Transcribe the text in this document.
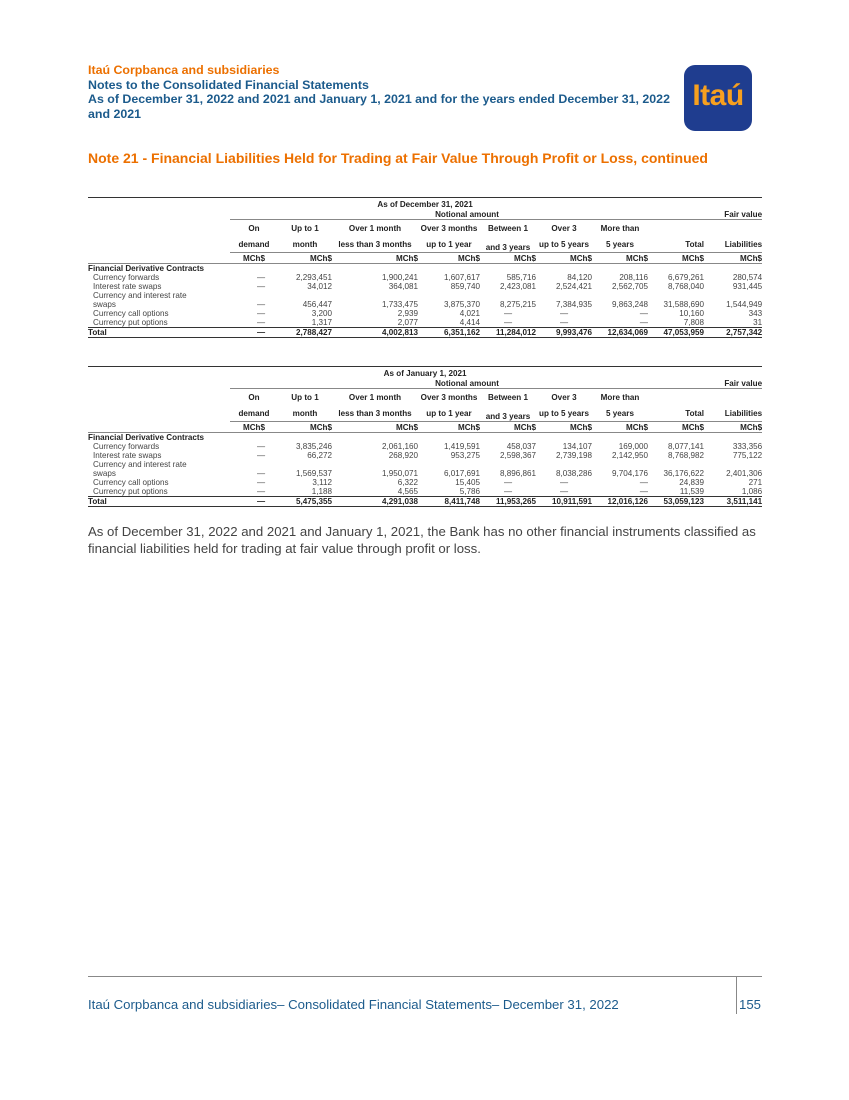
Itaú Corpbanca and subsidiaries
Notes to the Consolidated Financial Statements
As of December 31, 2022 and 2021 and January 1, 2021 and for the years ended December 31, 2022 and 2021
Itaú
Note 21 - Financial Liabilities Held for Trading at Fair Value Through Profit or Loss, continued
As of December 31, 2021									
	Notional amount								Fair value
	On	Up to 1	Over 1 month	Over 3 months	Between 1	Over 3	More than		
	demand	month	less than 3 months	up to 1 year	and 3 years	up to 5 years	5 years	Total	Liabilities
	MCh$	MCh$	MCh$	MCh$	MCh$	MCh$	MCh$	MCh$	MCh$
Financial Derivative Contracts									
Currency forwards	—	2,293,451	1,900,241	1,607,617	585,716	84,120	208,116	6,679,261	280,574
Interest rate swaps	—	34,012	364,081	859,740	2,423,081	2,524,421	2,562,705	8,768,040	931,445
Currency and interest rate									
swaps	—	456,447	1,733,475	3,875,370	8,275,215	7,384,935	9,863,248	31,588,690	1,544,949
Currency call options	—	3,200	2,939	4,021	—	—	—	10,160	343
Currency put options	—	1,317	2,077	4,414	—	—	—	7,808	31
Total	—	2,788,427	4,002,813	6,351,162	11,284,012	9,993,476	12,634,069	47,053,959	2,757,342
As of January 1, 2021									
	Notional amount								Fair value
	On	Up to 1	Over 1 month	Over 3 months	Between 1	Over 3	More than		
	demand	month	less than 3 months	up to 1 year	and 3 years	up to 5 years	5 years	Total	Liabilities
	MCh$	MCh$	MCh$	MCh$	MCh$	MCh$	MCh$	MCh$	MCh$
Financial Derivative Contracts									
Currency forwards	—	3,835,246	2,061,160	1,419,591	458,037	134,107	169,000	8,077,141	333,356
Interest rate swaps	—	66,272	268,920	953,275	2,598,367	2,739,198	2,142,950	8,768,982	775,122
Currency and interest rate									
swaps	—	1,569,537	1,950,071	6,017,691	8,896,861	8,038,286	9,704,176	36,176,622	2,401,306
Currency call options	—	3,112	6,322	15,405	—	—	—	24,839	271
Currency put options	—	1,188	4,565	5,786	—	—	—	11,539	1,086
Total	—	5,475,355	4,291,038	8,411,748	11,953,265	10,911,591	12,016,126	53,059,123	3,511,141
As of December 31, 2022 and 2021 and January 1, 2021, the Bank has no other financial instruments classified as financial liabilities held for trading at fair value through profit or loss.
Itaú Corpbanca and subsidiaries– Consolidated Financial Statements– December 31, 2022	155
